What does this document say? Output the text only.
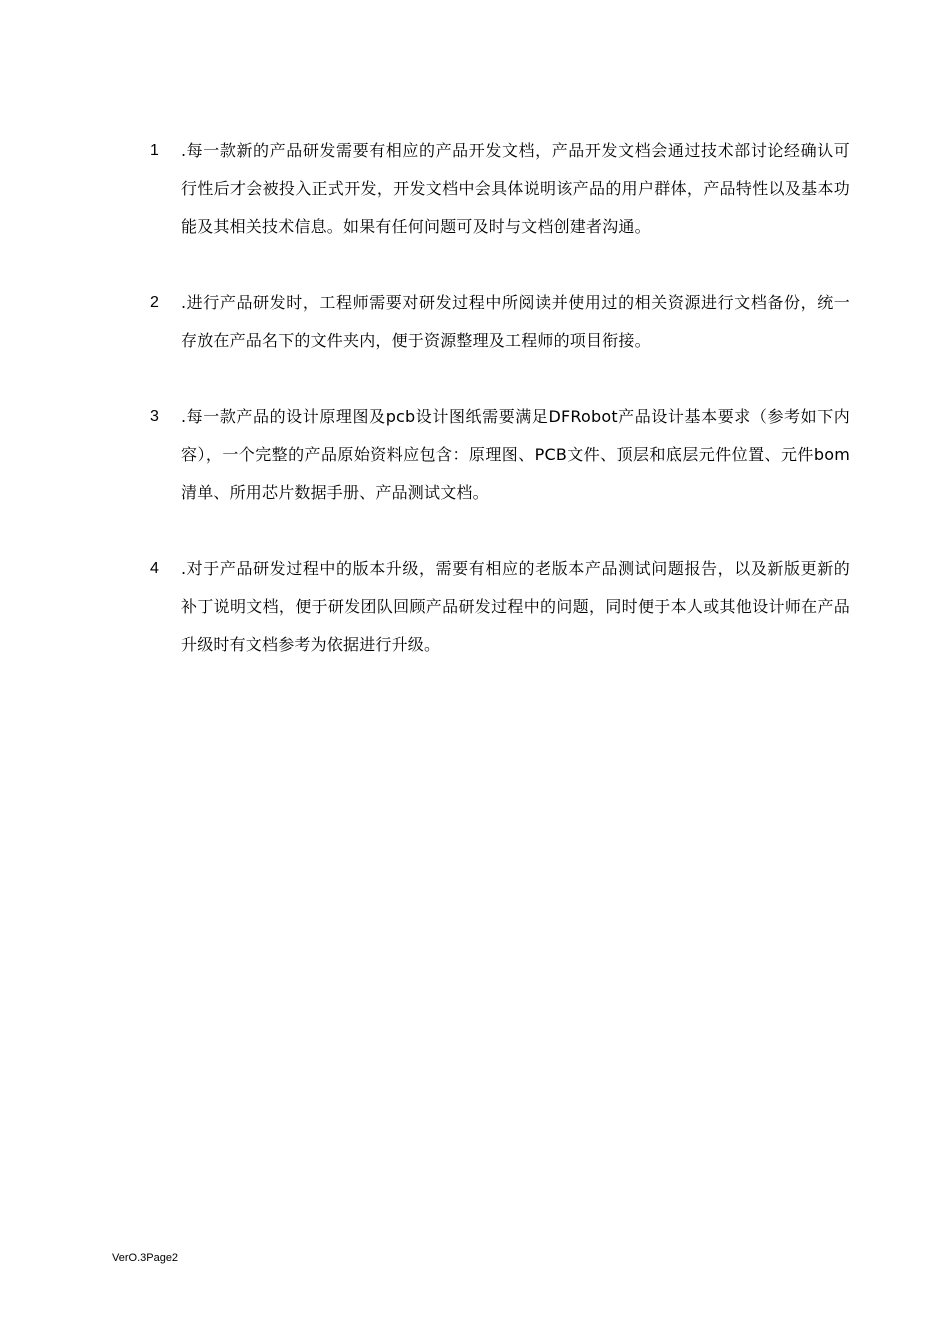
1 .每一款新的产品研发需要有相应的产品开发文档，产品开发文档会通过技术部讨论经确认可行性后才会被投入正式开发，开发文档中会具体说明该产品的用户群体，产品特性以及基本功能及其相关技术信息。如果有任何问题可及时与文档创建者沟通。
2 .进行产品研发时，工程师需要对研发过程中所阅读并使用过的相关资源进行文档备份，统一存放在产品名下的文件夹内，便于资源整理及工程师的项目衔接。
3 .每一款产品的设计原理图及pcb设计图纸需要满足DFRobot产品设计基本要求（参考如下内容），一个完整的产品原始资料应包含：原理图、PCB文件、顶层和底层元件位置、元件bom清单、所用芯片数据手册、产品测试文档。
4 .对于产品研发过程中的版本升级，需要有相应的老版本产品测试问题报告，以及新版更新的补丁说明文档，便于研发团队回顾产品研发过程中的问题，同时便于本人或其他设计师在产品升级时有文档参考为依据进行升级。
VerO.3Page2
